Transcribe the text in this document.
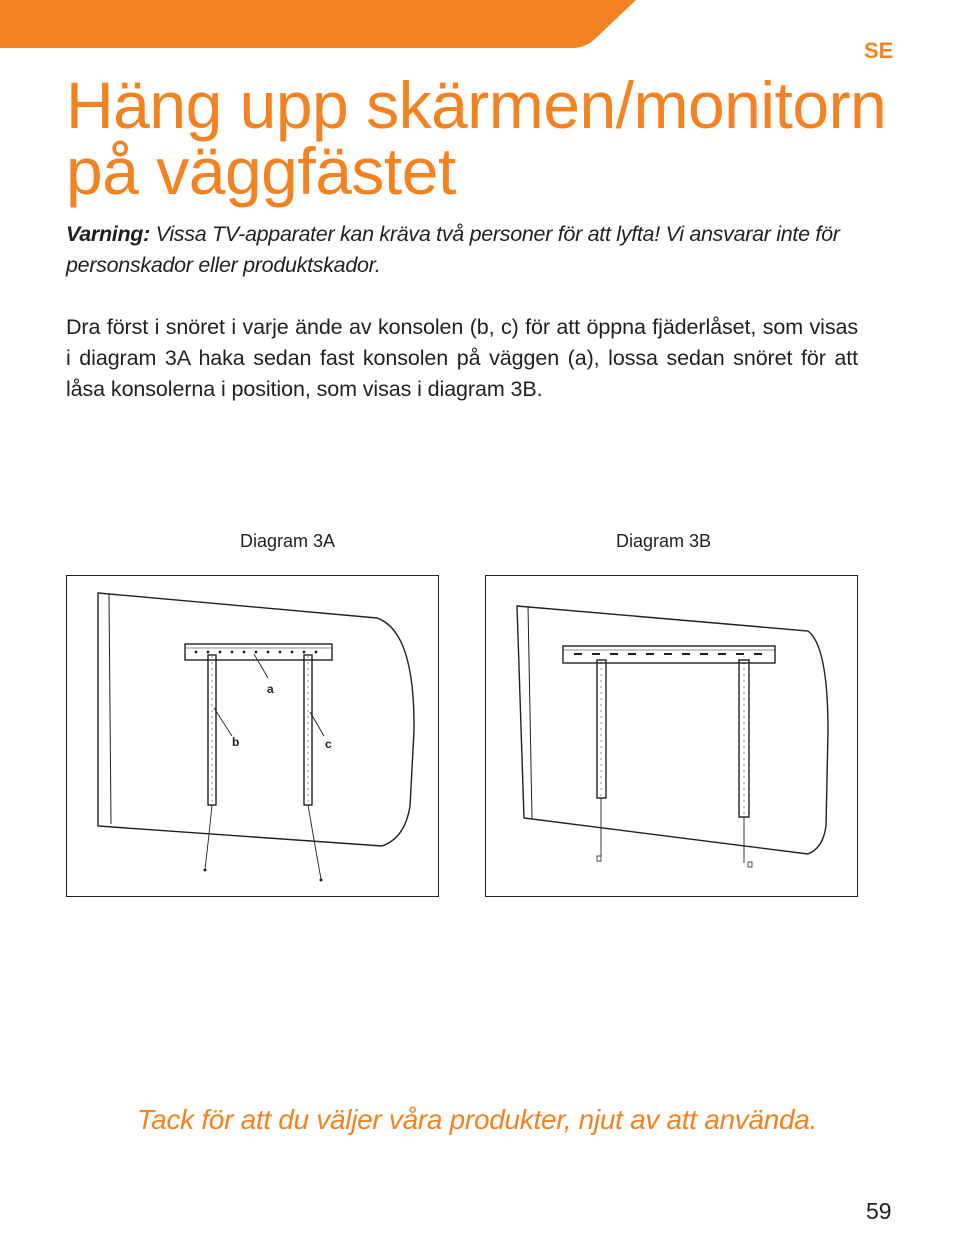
SE
Häng upp skärmen/monitorn
på väggfästet

Varning: Vissa TV-apparater kan kräva två personer för att lyfta! Vi ansvarar inte för personskador eller produktskador.

Dra först i snöret i varje ände av konsolen (b, c) för att öppna fjäderlåset, som visas i diagram 3A haka sedan fast konsolen på väggen (a), lossa sedan snöret för att låsa konsolerna i position, som visas i diagram 3B.

Diagram 3A	Diagram 3B
a
b	c
Tack för att du väljer våra produkter, njut av att använda.
59
